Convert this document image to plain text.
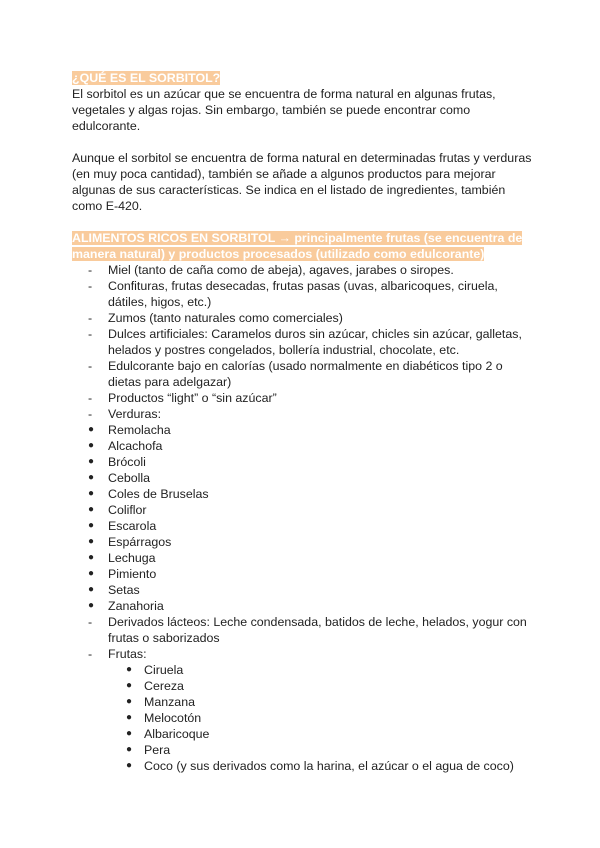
¿QUÉ ES EL SORBITOL?

El sorbitol es un azúcar que se encuentra de forma natural en algunas frutas, vegetales y algas rojas. Sin embargo, también se puede encontrar como edulcorante.

Aunque el sorbitol se encuentra de forma natural en determinadas frutas y verduras (en muy poca cantidad), también se añade a algunos productos para mejorar algunas de sus características. Se indica en el listado de ingredientes, también como E-420.

ALIMENTOS RICOS EN SORBITOL → principalmente frutas (se encuentra de manera natural) y productos procesados (utilizado como edulcorante)

- Miel (tanto de caña como de abeja), agaves, jarabes o siropes.
- Confituras, frutas desecadas, frutas pasas (uvas, albaricoques, ciruela, dátiles, higos, etc.)
- Zumos (tanto naturales como comerciales)
- Dulces artificiales: Caramelos duros sin azúcar, chicles sin azúcar, galletas, helados y postres congelados, bollería industrial, chocolate, etc.
- Edulcorante bajo en calorías (usado normalmente en diabéticos tipo 2 o dietas para adelgazar)
- Productos “light” o “sin azúcar”
- Verduras:
● Remolacha
● Alcachofa
● Brócoli
● Cebolla
● Coles de Bruselas
● Coliflor
● Escarola
● Espárragos
● Lechuga
● Pimiento
● Setas
● Zanahoria
- Derivados lácteos: Leche condensada, batidos de leche, helados, yogur con frutas o saborizados
- Frutas:
● Ciruela
● Cereza
● Manzana
● Melocotón
● Albaricoque
● Pera
● Coco (y sus derivados como la harina, el azúcar o el agua de coco)
